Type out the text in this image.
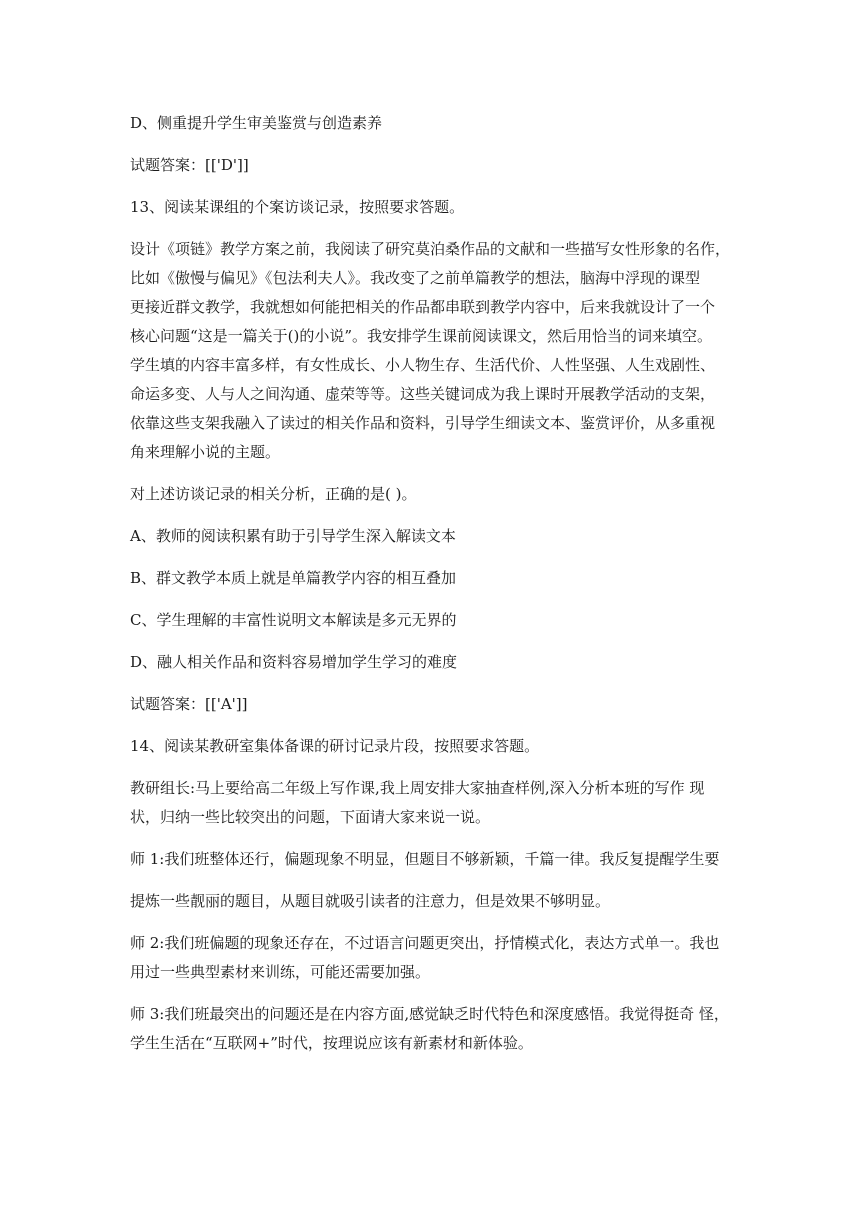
D、侧重提升学生审美鉴赏与创造素养

试题答案：[['D']]

13、阅读某课组的个案访谈记录，按照要求答题。

设计《项链》教学方案之前，我阅读了研究莫泊桑作品的文献和一些描写女性形象的名作，

比如《傲慢与偏见》《包法利夫人》。我改变了之前单篇教学的想法，脑海中浮现的课型

更接近群文教学，我就想如何能把相关的作品都串联到教学内容中，后来我就设计了一个

核心问题“这是一篇关于()的小说”。我安排学生课前阅读课文，然后用恰当的词来填空。

学生填的内容丰富多样，有女性成长、小人物生存、生活代价、人性坚强、人生戏剧性、

命运多变、人与人之间沟通、虚荣等等。这些关键词成为我上课时开展教学活动的支架，

依靠这些支架我融入了读过的相关作品和资料，引导学生细读文本、鉴赏评价，从多重视

角来理解小说的主题。

对上述访谈记录的相关分析，正确的是( )。

A、教师的阅读积累有助于引导学生深入解读文本

B、群文教学本质上就是单篇教学内容的相互叠加

C、学生理解的丰富性说明文本解读是多元无界的

D、融人相关作品和资料容易增加学生学习的难度

试题答案：[['A']]

14、阅读某教研室集体备课的研讨记录片段，按照要求答题。

教研组长:马上要给高二年级上写作课,我上周安排大家抽查样例,深入分析本班的写作 现

状，归纳一些比较突出的问题，下面请大家来说一说。

师 1:我们班整体还行，偏题现象不明显，但题目不够新颖，千篇一律。我反复提醒学生要

提炼一些靓丽的题目，从题目就吸引读者的注意力，但是效果不够明显。

师 2:我们班偏题的现象还存在，不过语言问题更突出，抒情模式化，表达方式单一。我也

用过一些典型素材来训练，可能还需要加强。

师 3:我们班最突出的问题还是在内容方面,感觉缺乏时代特色和深度感悟。我觉得挺奇 怪，

学生生活在“互联网+”时代，按理说应该有新素材和新体验。
